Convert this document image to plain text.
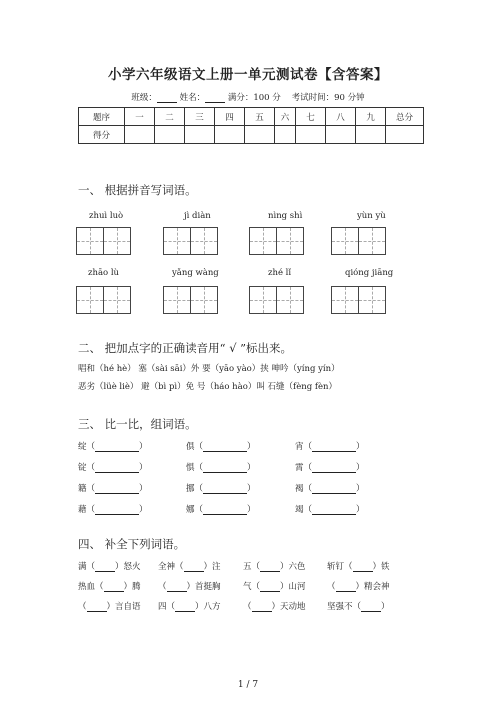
小学六年级语文上册一单元测试卷【含答案】
班级：	姓名：	满分：100 分 考试时间：90 分钟
题序	一	二	三	四	五	六	七	八	九	总分
得分										
一、 根据拼音写词语。
zhuì luò	jì diàn	nìng shì	yùn yù
zhāo lù	yǎng wàng	zhé lǐ	qióng jiāng
二、 把加点字的正确读音用“ √ ”标出来。
唱和（hé hè） 塞（sài sāi）外 要（yāo yào）挟 呻吟（yíng yín）
恶劣（lüè liè） 避（bì pì）免 号（háo hào）叫 石缝（fèng fèn）
三、 比一比，组词语。
绽（	）	俱（	）	宵（	）
锭（	）	惧（	）	霄（	）
籍（	）	挪（	）	褐（	）
藉（	）	娜（	）	竭（	）
四、 补全下列词语。
满（ ）怒火 全神（ ）注	五（ ）六色	斩钉（ ）铁
热血（ ）腾 （ ）首挺胸	气（ ）山河	（ ）精会神
（ ）言自语 四（ ）八方	（ ）天动地	坚强不（ ）
1 / 7
